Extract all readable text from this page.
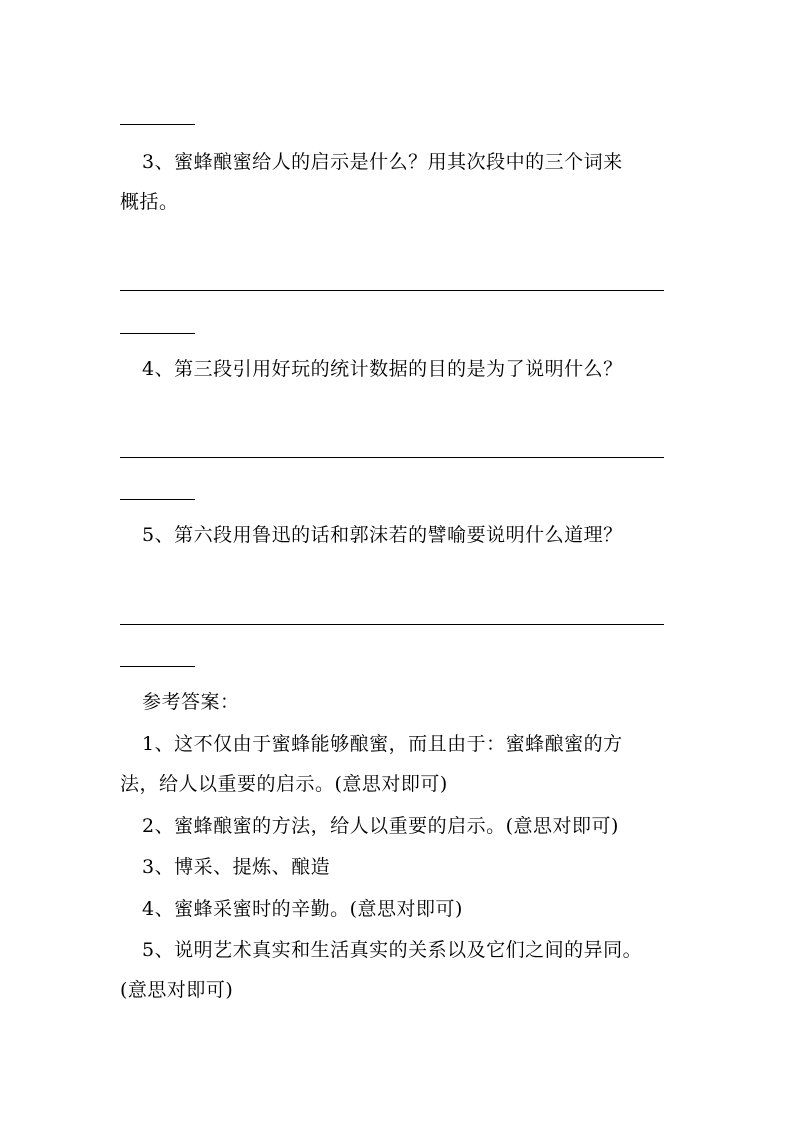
3、蜜蜂酿蜜给人的启示是什么？用其次段中的三个词来
概括。
4、第三段引用好玩的统计数据的目的是为了说明什么？
5、第六段用鲁迅的话和郭沫若的譬喻要说明什么道理？
参考答案：
1、这不仅由于蜜蜂能够酿蜜，而且由于：蜜蜂酿蜜的方
法，给人以重要的启示。(意思对即可)
2、蜜蜂酿蜜的方法，给人以重要的启示。(意思对即可)
3、博采、提炼、酿造
4、蜜蜂采蜜时的辛勤。(意思对即可)
5、说明艺术真实和生活真实的关系以及它们之间的异同。
(意思对即可)
